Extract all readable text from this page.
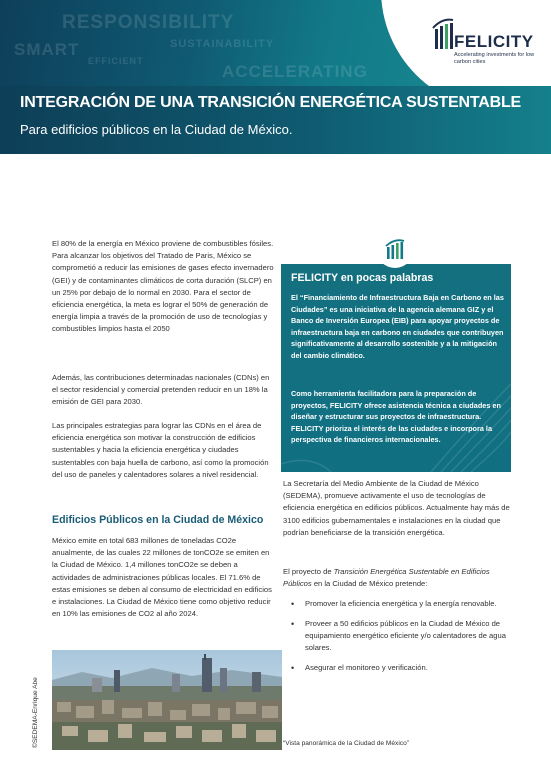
RESPONSIBILITY
SMART	SUSTAINABILITY
EFFICIENT
ACCELERATING
FELICITY
Accelerating investments for low carbon cities
INTEGRACIÓN DE UNA TRANSICIÓN ENERGÉTICA SUSTENTABLE
Para edificios públicos en la Ciudad de México.
El 80% de la energía en México proviene de combustibles fósiles. Para alcanzar los objetivos del Tratado de Paris, México se comprometió a reducir las emisiones de gases efecto invernadero (GEI) y de contaminantes climáticos de corta duración (SLCP) en un 25% por debajo de lo normal en 2030. Para el sector de eficiencia energética, la meta es lograr el 50% de generación de energía limpia a través de la promoción de uso de tecnologías y combustibles limpios hasta el 2050
Además, las contribuciones determinadas nacionales (CDNs) en el sector residencial y comercial pretenden reducir en un 18% la emisión de GEI para 2030.
Las principales estrategias para lograr las CDNs en el área de eficiencia energética son motivar la construcción de edificios sustentables y hacia la eficiencia energética y ciudades sustentables con baja huella de carbono, así como la promoción del uso de paneles y calentadores solares a nivel residencial.
Edificios Públicos en la Ciudad de México
México emite en total 683 millones de toneladas CO2e anualmente, de las cuales 22 millones de tonCO2e se emiten en la Ciudad de México. 1,4 millones tonCO2e se deben a actividades de administraciones públicas locales. El 71.6% de estas emisiones se deben al consumo de electricidad en edificios e instalaciones. La Ciudad de México tiene como objetivo reducir en 10% las emisiones de CO2 al año 2024.
©SEDEMA-Enrique Abe
FELICITY en pocas palabras
El “Financiamiento de Infraestructura Baja en Carbono en las Ciudades” es una iniciativa de la agencia alemana GIZ y el Banco de Inversión Europea (EIB) para apoyar proyectos de infraestructura baja en carbono en ciudades que contribuyen significativamente al desarrollo sostenible y a la mitigación del cambio climático.
Como herramienta facilitadora para la preparación de proyectos, FELICITY ofrece asistencia técnica a ciudades en diseñar y estructurar sus proyectos de infraestructura. FELICITY prioriza el interés de las ciudades e incorpora la perspectiva de financieros internacionales.
La Secretaría del Medio Ambiente de la Ciudad de México (SEDEMA), promueve activamente el uso de tecnologías de eficiencia energética en edificios públicos. Actualmente hay más de 3100 edificios gubernamentales e instalaciones en la ciudad que podrían beneficiarse de la transición energética.
El proyecto de Transición Energética Sustentable en Edificios Públicos en la Ciudad de México pretende:
• Promover la eficiencia energética y la energía renovable.
• Proveer a 50 edificios públicos en la Ciudad de México de equipamiento energético eficiente y/o calentadores de agua solares.
• Asegurar el monitoreo y verificación.
“Vista panorámica de la Ciudad de México”
